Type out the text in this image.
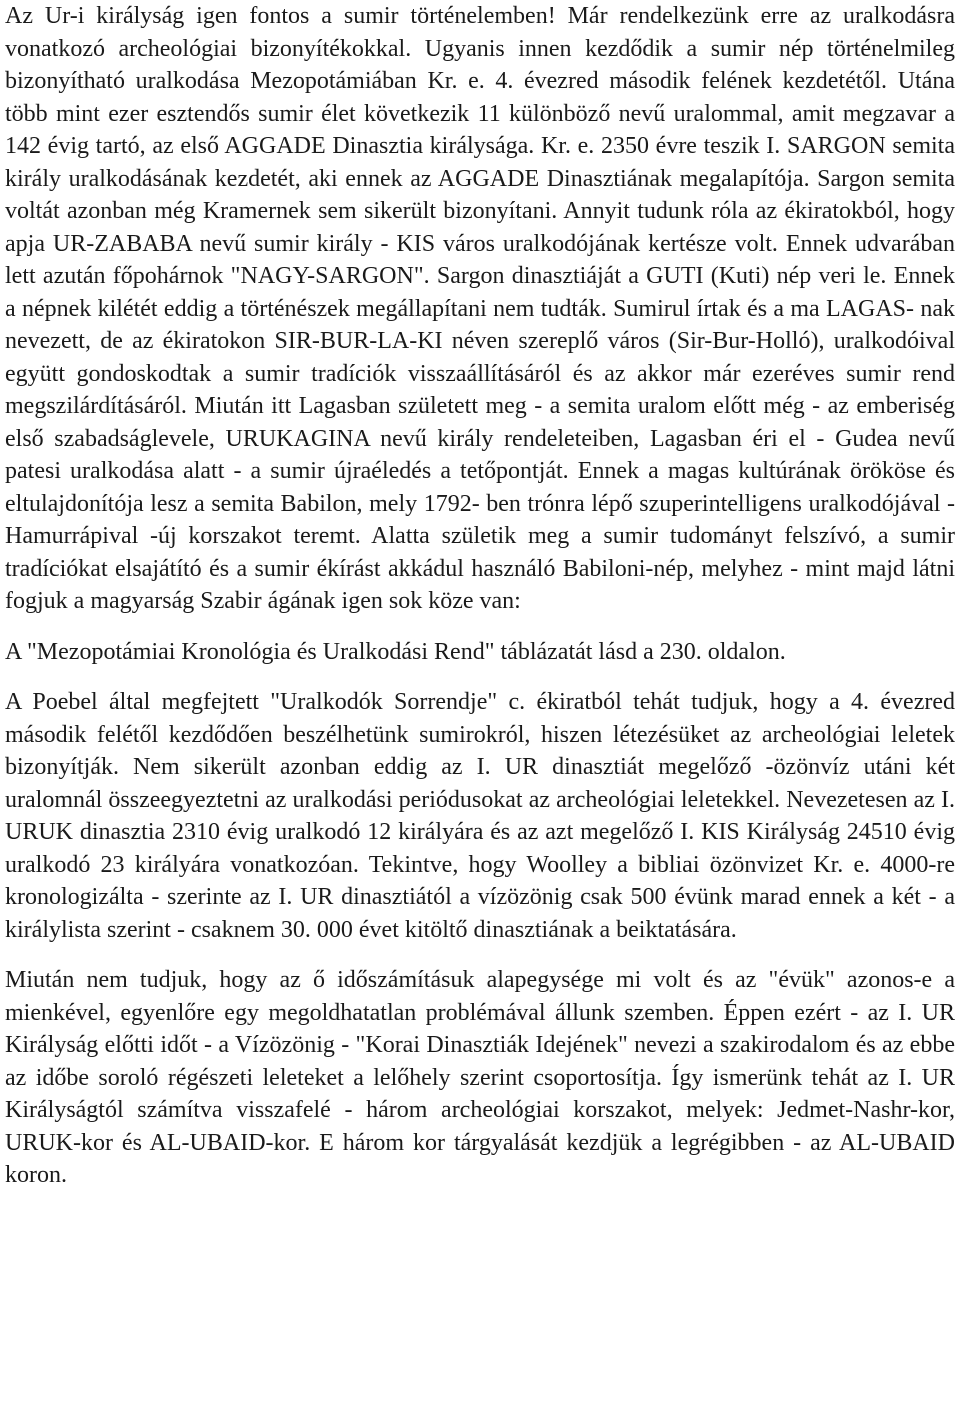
Az Ur-i királyság igen fontos a sumir történelemben! Már rendelkezünk erre az uralkodásra vonatkozó archeológiai bizonyítékokkal. Ugyanis innen kezdődik a sumir nép történelmileg bizonyítható uralkodása Mezopotámiában Kr. e. 4. évezred második felének kezdetétől. Utána több mint ezer esztendős sumir élet következik 11 különböző nevű uralommal, amit megzavar a 142 évig tartó, az első AGGADE Dinasztia királysága. Kr. e. 2350 évre teszik I. SARGON semita király uralkodásának kezdetét, aki ennek az AGGADE Dinasztiának megalapítója. Sargon semita voltát azonban még Kramernek sem sikerült bizonyítani. Annyit tudunk róla az ékiratokból, hogy apja UR-ZABABA nevű sumir király - KIS város uralkodójának kertésze volt. Ennek udvarában lett azután főpohárnok "NAGY-SARGON". Sargon dinasztiáját a GUTI (Kuti) nép veri le. Ennek a népnek kilétét eddig a történészek megállapítani nem tudták. Sumirul írtak és a ma LAGAS- nak nevezett, de az ékiratokon SIR-BUR-LA-KI néven szereplő város (Sir-Bur-Holló), uralkodóival együtt gondoskodtak a sumir tradíciók visszaállításáról és az akkor már ezeréves sumir rend megszilárdításáról. Miután itt Lagasban született meg - a semita uralom előtt még - az emberiség első szabadságlevele, URUKAGINA nevű király rendeleteiben, Lagasban éri el - Gudea nevű patesi uralkodása alatt - a sumir újraéledés a tetőpontját. Ennek a magas kultúrának örököse és eltulajdonítója lesz a semita Babilon, mely 1792- ben trónra lépő szuperintelligens uralkodójával - Hamurrápival -új korszakot teremt. Alatta születik meg a sumir tudományt felszívó, a sumir tradíciókat elsajátító és a sumir ékírást akkádul használó Babiloni-nép, melyhez - mint majd látni fogjuk a magyarság Szabir ágának igen sok köze van:

A "Mezopotámiai Kronológia és Uralkodási Rend" táblázatát lásd a 230. oldalon.

A Poebel által megfejtett "Uralkodók Sorrendje" c. ékiratból tehát tudjuk, hogy a 4. évezred második felétől kezdődően beszélhetünk sumirokról, hiszen létezésüket az archeológiai leletek bizonyítják. Nem sikerült azonban eddig az I. UR dinasztiát megelőző -özönvíz utáni két uralomnál összeegyeztetni az uralkodási periódusokat az archeológiai leletekkel. Nevezetesen az I. URUK dinasztia 2310 évig uralkodó 12 királyára és az azt megelőző I. KIS Királyság 24510 évig uralkodó 23 királyára vonatkozóan. Tekintve, hogy Woolley a bibliai özönvizet Kr. e. 4000-re kronologizálta - szerinte az I. UR dinasztiától a vízözönig csak 500 évünk marad ennek a két - a királylista szerint - csaknem 30. 000 évet kitöltő dinasztiának a beiktatására.

Miután nem tudjuk, hogy az ő időszámításuk alapegysége mi volt és az "évük" azonos-e a mienkével, egyenlőre egy megoldhatatlan problémával állunk szemben. Éppen ezért - az I. UR Királyság előtti időt - a Vízözönig - "Korai Dinasztiák Idejének" nevezi a szakirodalom és az ebbe az időbe soroló régészeti leleteket a lelőhely szerint csoportosítja. Így ismerünk tehát az I. UR Királyságtól számítva visszafelé - három archeológiai korszakot, melyek: Jedmet-Nashr-kor, URUK-kor és AL-UBAID-kor. E három kor tárgyalását kezdjük a legrégibben - az AL-UBAID koron.
